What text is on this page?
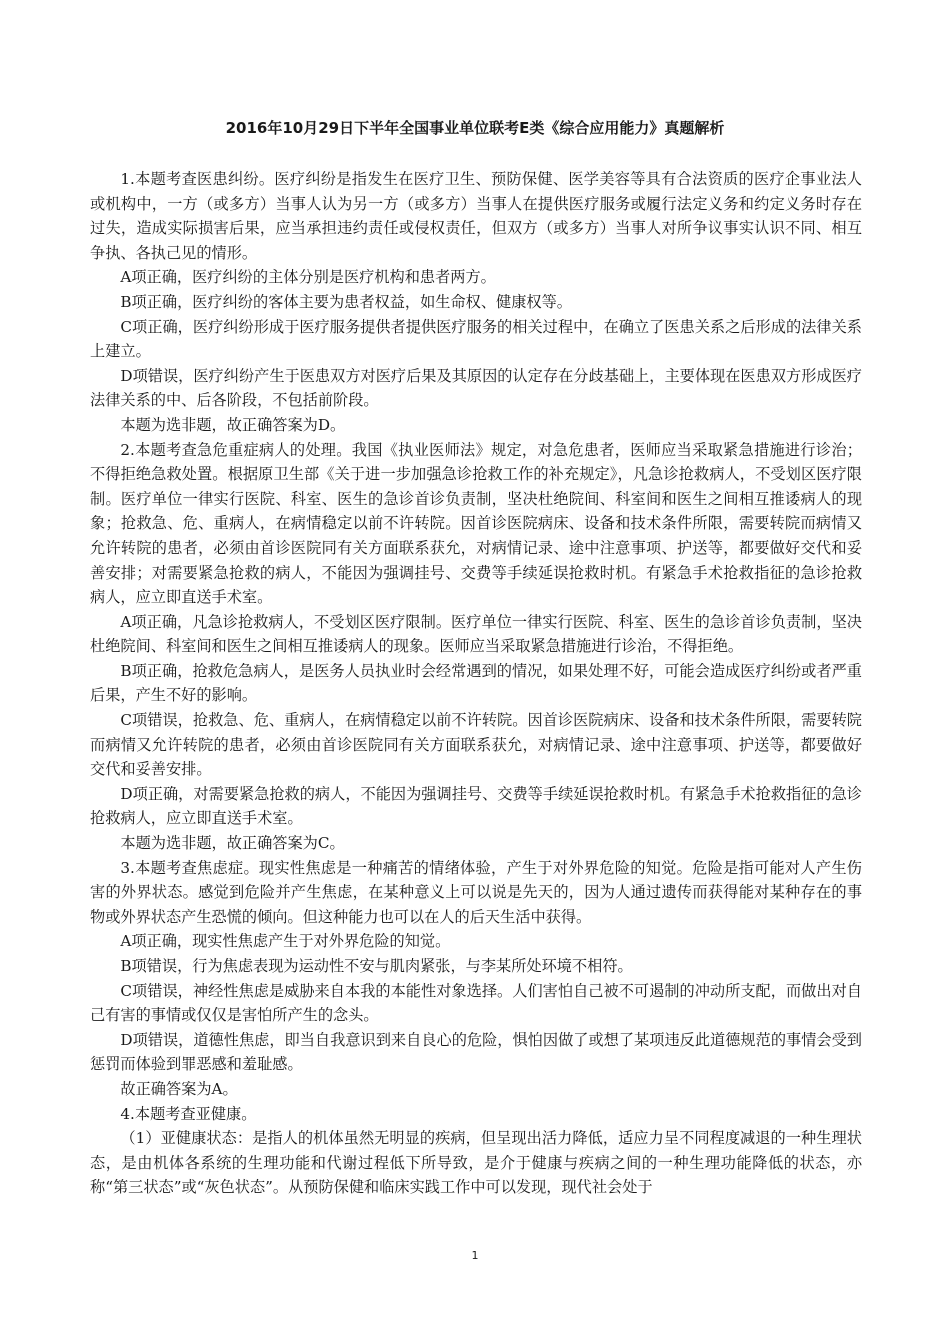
2016年10月29日下半年全国事业单位联考E类《综合应用能力》真题解析

1.本题考查医患纠纷。医疗纠纷是指发生在医疗卫生、预防保健、医学美容等具有合法资质的医疗企事业法人或机构中，一方（或多方）当事人认为另一方（或多方）当事人在提供医疗服务或履行法定义务和约定义务时存在过失，造成实际损害后果，应当承担违约责任或侵权责任，但双方（或多方）当事人对所争议事实认识不同、相互争执、各执己见的情形。

A项正确，医疗纠纷的主体分别是医疗机构和患者两方。

B项正确，医疗纠纷的客体主要为患者权益，如生命权、健康权等。

C项正确，医疗纠纷形成于医疗服务提供者提供医疗服务的相关过程中，在确立了医患关系之后形成的法律关系上建立。

D项错误，医疗纠纷产生于医患双方对医疗后果及其原因的认定存在分歧基础上，主要体现在医患双方形成医疗法律关系的中、后各阶段，不包括前阶段。

本题为选非题，故正确答案为D。

2.本题考查急危重症病人的处理。我国《执业医师法》规定，对急危患者，医师应当采取紧急措施进行诊治；不得拒绝急救处置。根据原卫生部《关于进一步加强急诊抢救工作的补充规定》，凡急诊抢救病人，不受划区医疗限制。医疗单位一律实行医院、科室、医生的急诊首诊负责制，坚决杜绝院间、科室间和医生之间相互推诿病人的现象；抢救急、危、重病人，在病情稳定以前不许转院。因首诊医院病床、设备和技术条件所限，需要转院而病情又允许转院的患者，必须由首诊医院同有关方面联系获允，对病情记录、途中注意事项、护送等，都要做好交代和妥善安排；对需要紧急抢救的病人，不能因为强调挂号、交费等手续延误抢救时机。有紧急手术抢救指征的急诊抢救病人，应立即直送手术室。

A项正确，凡急诊抢救病人，不受划区医疗限制。医疗单位一律实行医院、科室、医生的急诊首诊负责制，坚决杜绝院间、科室间和医生之间相互推诿病人的现象。医师应当采取紧急措施进行诊治，不得拒绝。

B项正确，抢救危急病人，是医务人员执业时会经常遇到的情况，如果处理不好，可能会造成医疗纠纷或者严重后果，产生不好的影响。

C项错误，抢救急、危、重病人，在病情稳定以前不许转院。因首诊医院病床、设备和技术条件所限，需要转院而病情又允许转院的患者，必须由首诊医院同有关方面联系获允，对病情记录、途中注意事项、护送等，都要做好交代和妥善安排。

D项正确，对需要紧急抢救的病人，不能因为强调挂号、交费等手续延误抢救时机。有紧急手术抢救指征的急诊抢救病人，应立即直送手术室。

本题为选非题，故正确答案为C。

3.本题考查焦虑症。现实性焦虑是一种痛苦的情绪体验，产生于对外界危险的知觉。危险是指可能对人产生伤害的外界状态。感觉到危险并产生焦虑，在某种意义上可以说是先天的，因为人通过遗传而获得能对某种存在的事物或外界状态产生恐慌的倾向。但这种能力也可以在人的后天生活中获得。

A项正确，现实性焦虑产生于对外界危险的知觉。

B项错误，行为焦虑表现为运动性不安与肌肉紧张，与李某所处环境不相符。

C项错误，神经性焦虑是威胁来自本我的本能性对象选择。人们害怕自己被不可遏制的冲动所支配，而做出对自己有害的事情或仅仅是害怕所产生的念头。

D项错误，道德性焦虑，即当自我意识到来自良心的危险，惧怕因做了或想了某项违反此道德规范的事情会受到惩罚而体验到罪恶感和羞耻感。

故正确答案为A。

4.本题考查亚健康。

（1）亚健康状态：是指人的机体虽然无明显的疾病，但呈现出活力降低，适应力呈不同程度减退的一种生理状态，是由机体各系统的生理功能和代谢过程低下所导致，是介于健康与疾病之间的一种生理功能降低的状态，亦称“第三状态”或“灰色状态”。从预防保健和临床实践工作中可以发现，现代社会处于

1
